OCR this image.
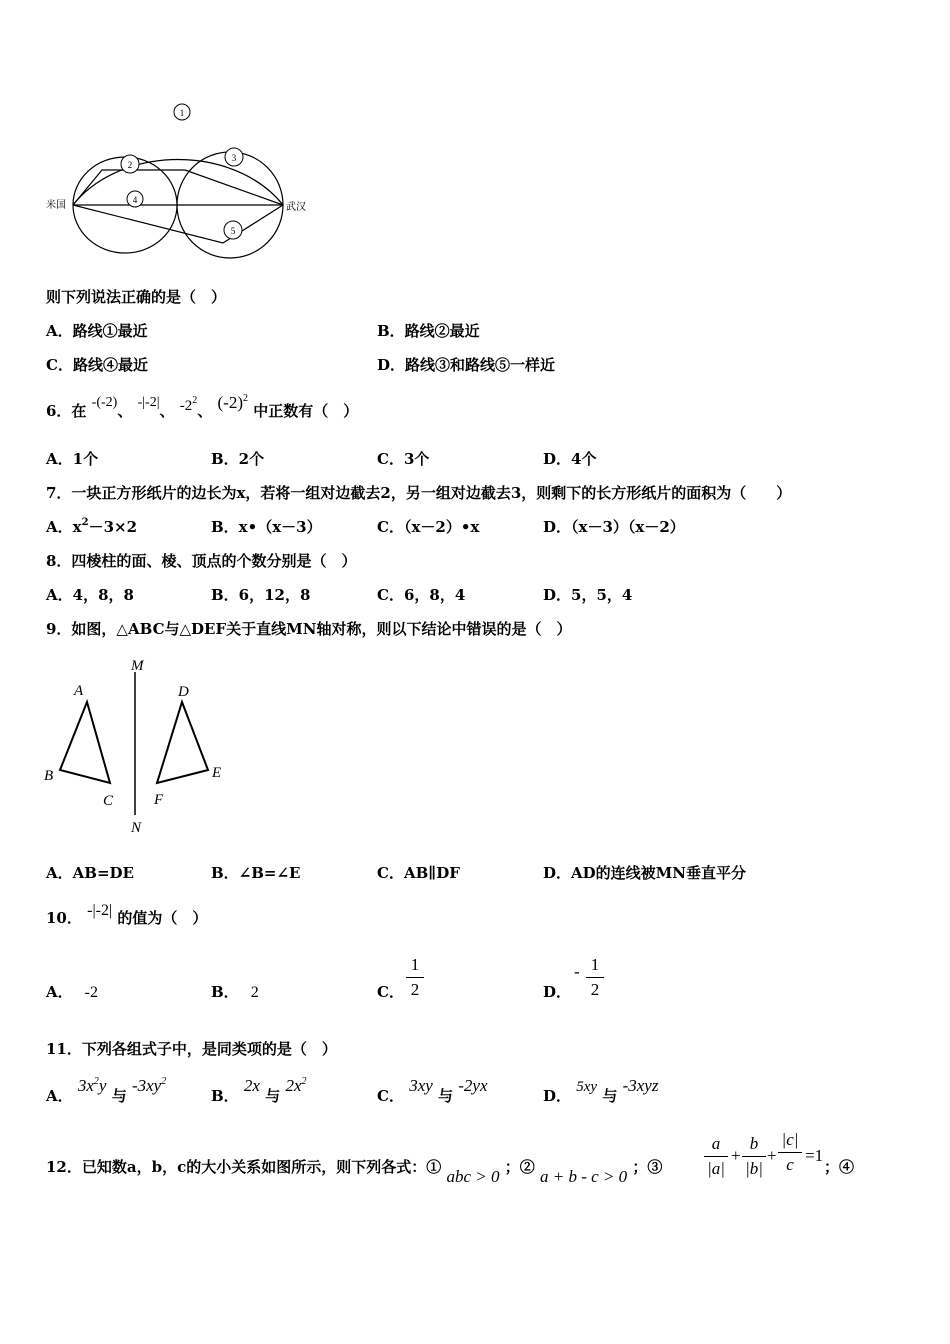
1
2
3
4
5
米国	武汉
则下列说法正确的是（　）
A．路线①最近	B．路线②最近
C．路线④最近	D．路线③和路线⑤一样近
6．在 -(-2)、 -|-2|、 $-2^2$、 $(-2)^2$ 中正数有（　）
A．1个	B．2个	C．3个	D．4个
7．一块正方形纸片的边长为x，若将一组对边截去2，另一组对边截去3，则剩下的长方形纸片的面积为（　　）
A．$x^2-3\times 2$	B．x•（x－3）	C．（x－2）•x	D．（x－3）（x－2）
8．四棱柱的面、棱、顶点的个数分别是（　）
A．4，8，8	B．6，12，8	C．6，8，4	D．5，5，4
9．如图，△ABC与△DEF关于直线MN轴对称，则以下结论中错误的是（　）
M
N
A
B
C
D
E
F
A．AB=DE	B．∠B=∠E	C．AB∥DF	D．AD的连线被MN垂直平分
10． -|-2| 的值为（　）
A． -2	B． 2	C．
1
2	D．
- 1
2
11．下列各组式子中，是同类项的是（　）
A． $3x^2y$ 与 $-3xy^2$
B． 2x 与 $2x^2$
C． 3xy 与 -2yx
D． 5xy 与 -3xyz
12．已知数a，b，c的大小关系如图所示，则下列各式：① abc > 0 ；② a + b - c > 0 ；③
a
|a|
+
b
|b|
+
|c|
c =1
；④
